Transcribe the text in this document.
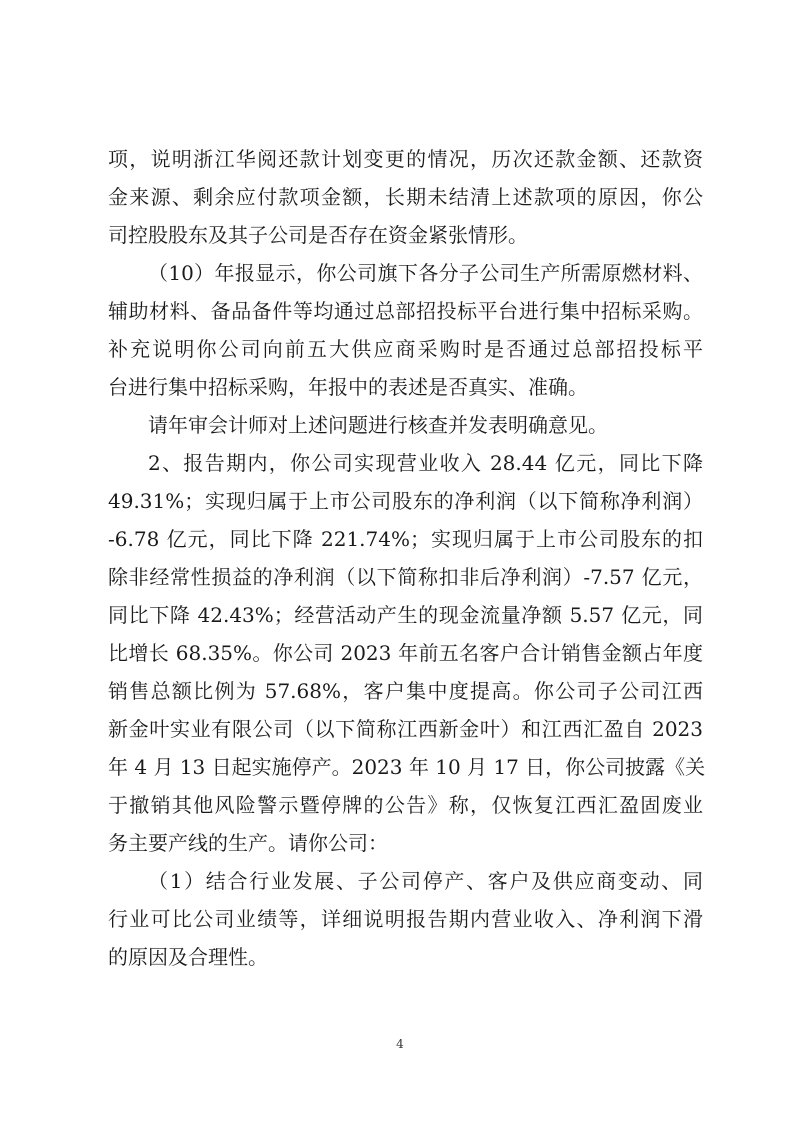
项，说明浙江华阅还款计划变更的情况，历次还款金额、还款资
金来源、剩余应付款项金额，长期未结清上述款项的原因，你公
司控股股东及其子公司是否存在资金紧张情形。
（10）年报显示，你公司旗下各分子公司生产所需原燃材料、
辅助材料、备品备件等均通过总部招投标平台进行集中招标采购。
补充说明你公司向前五大供应商采购时是否通过总部招投标平
台进行集中招标采购，年报中的表述是否真实、准确。
请年审会计师对上述问题进行核查并发表明确意见。
2、报告期内，你公司实现营业收入 28.44 亿元，同比下降
49.31%；实现归属于上市公司股东的净利润（以下简称净利润）
-6.78 亿元，同比下降 221.74%；实现归属于上市公司股东的扣
除非经常性损益的净利润（以下简称扣非后净利润）-7.57 亿元，
同比下降 42.43%；经营活动产生的现金流量净额 5.57 亿元，同
比增长 68.35%。你公司 2023 年前五名客户合计销售金额占年度
销售总额比例为 57.68%，客户集中度提高。你公司子公司江西
新金叶实业有限公司（以下简称江西新金叶）和江西汇盈自 2023
年 4 月 13 日起实施停产。2023 年 10 月 17 日，你公司披露《关
于撤销其他风险警示暨停牌的公告》称，仅恢复江西汇盈固废业
务主要产线的生产。请你公司：
（1）结合行业发展、子公司停产、客户及供应商变动、同
行业可比公司业绩等，详细说明报告期内营业收入、净利润下滑
的原因及合理性。
4
